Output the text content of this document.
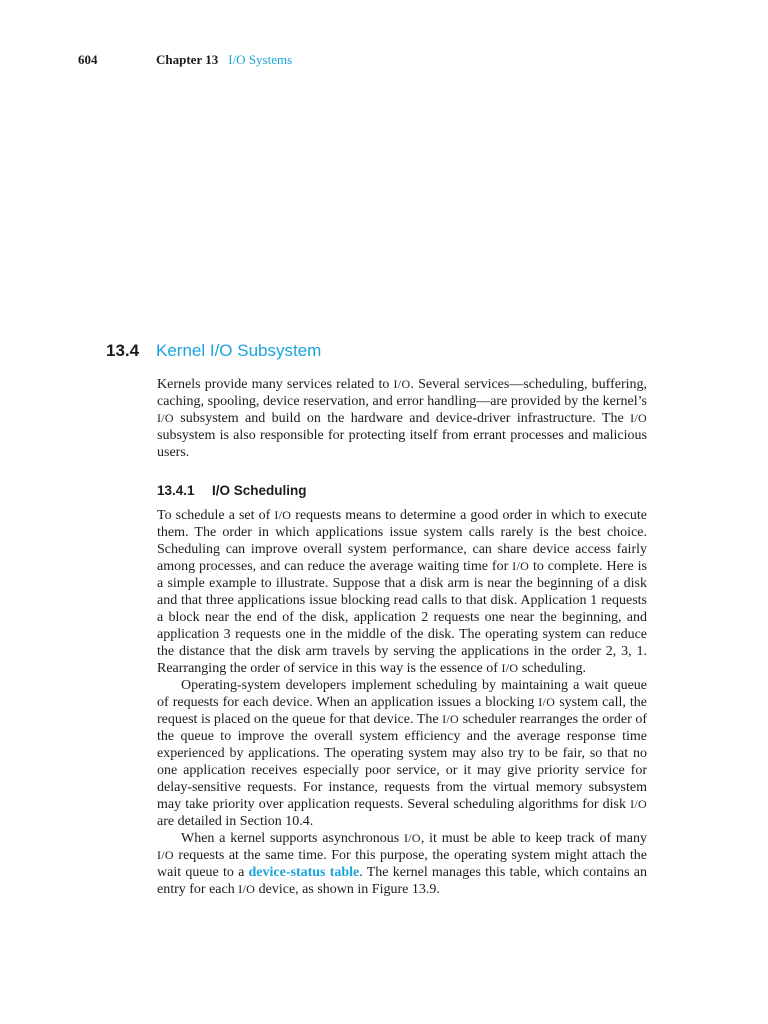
604	Chapter 13 I/O Systems
13.4 Kernel I/O Subsystem
Kernels provide many services related to I/O. Several services—scheduling, buffering, caching, spooling, device reservation, and error handling—are provided by the kernel’s I/O subsystem and build on the hardware and device-driver infrastructure. The I/O subsystem is also responsible for protecting itself from errant processes and malicious users.
13.4.1 I/O Scheduling

To schedule a set of I/O requests means to determine a good order in which to execute them. The order in which applications issue system calls rarely is the best choice. Scheduling can improve overall system performance, can share device access fairly among processes, and can reduce the average waiting time for I/O to complete. Here is a simple example to illustrate. Suppose that a disk arm is near the beginning of a disk and that three applications issue blocking read calls to that disk. Application 1 requests a block near the end of the disk, application 2 requests one near the beginning, and application 3 requests one in the middle of the disk. The operating system can reduce the distance that the disk arm travels by serving the applications in the order 2, 3, 1. Rearranging the order of service in this way is the essence of I/O scheduling.

Operating-system developers implement scheduling by maintaining a wait queue of requests for each device. When an application issues a blocking I/O system call, the request is placed on the queue for that device. The I/O scheduler rearranges the order of the queue to improve the overall system efficiency and the average response time experienced by applications. The operating system may also try to be fair, so that no one application receives especially poor service, or it may give priority service for delay-sensitive requests. For instance, requests from the virtual memory subsystem may take priority over application requests. Several scheduling algorithms for disk I/O are detailed in Section 10.4.

When a kernel supports asynchronous I/O, it must be able to keep track of many I/O requests at the same time. For this purpose, the operating system might attach the wait queue to a device-status table. The kernel manages this table, which contains an entry for each I/O device, as shown in Figure 13.9.
